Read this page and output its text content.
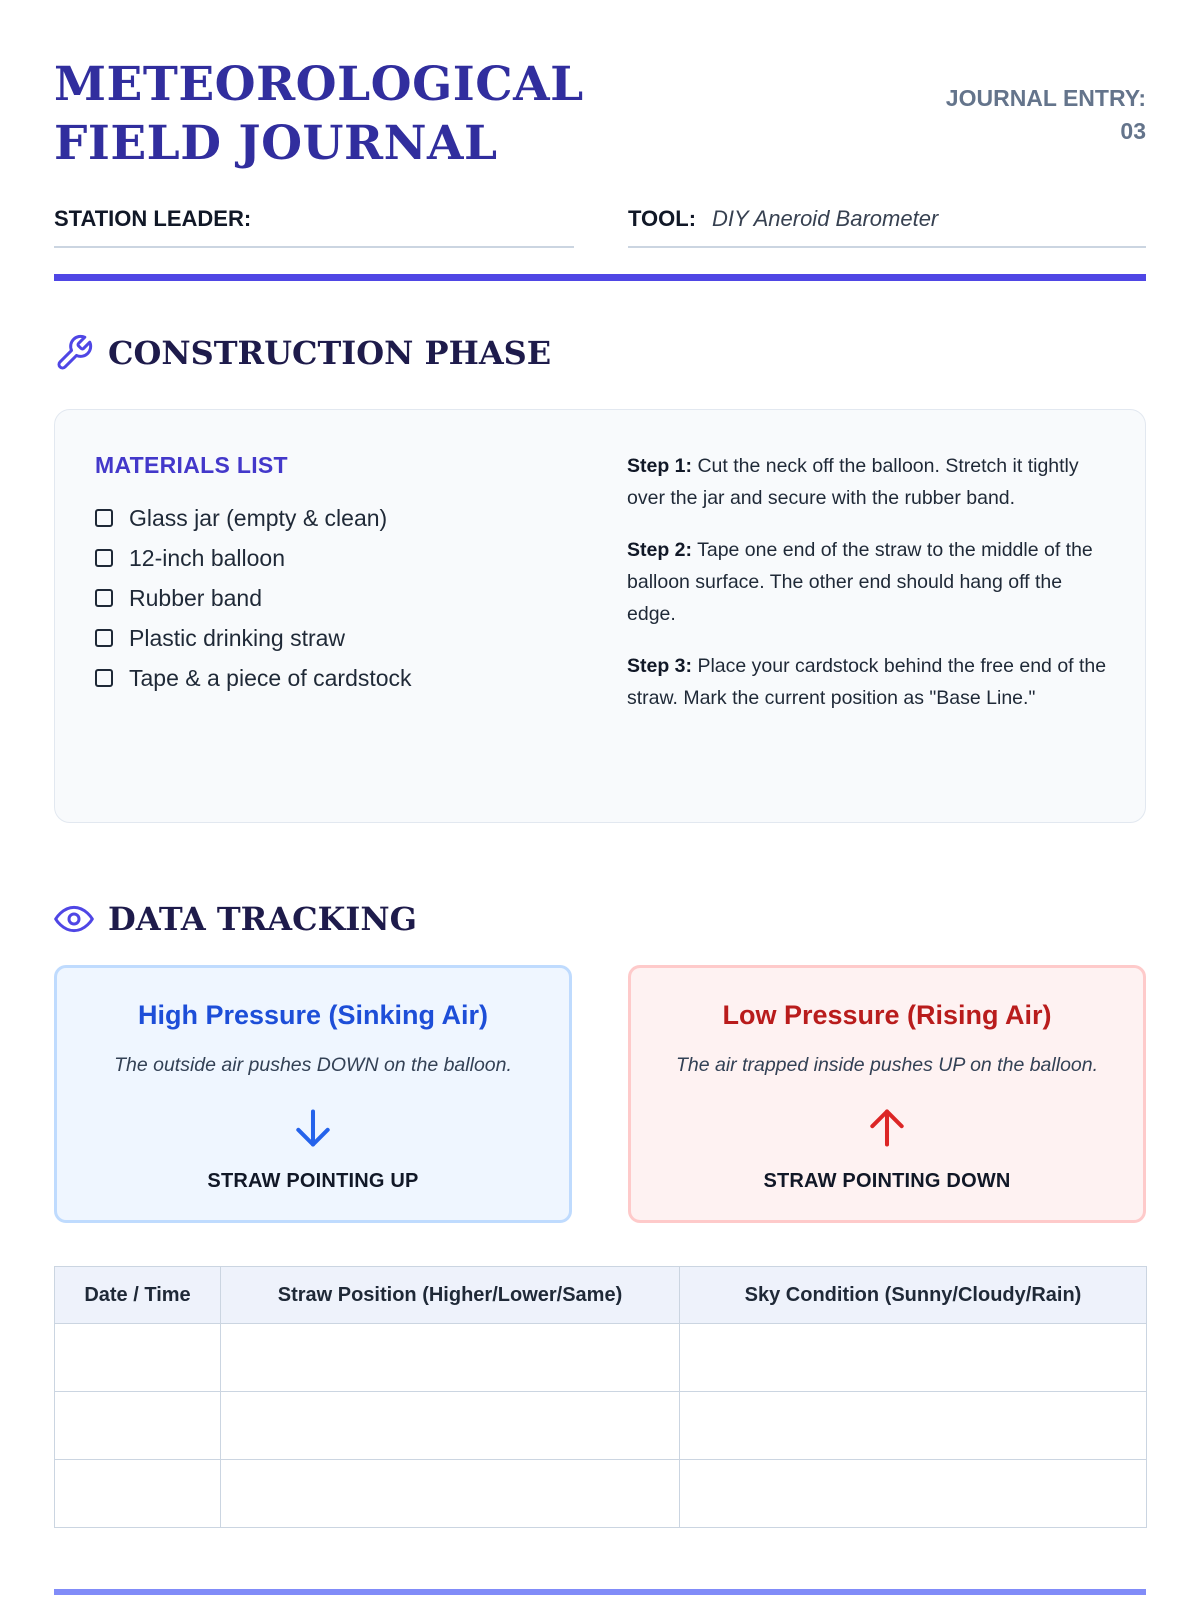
METEOROLOGICAL FIELD JOURNAL
JOURNAL ENTRY:
03
STATION LEADER:	TOOL: DIY Aneroid Barometer
CONSTRUCTION PHASE
MATERIALS LIST
Glass jar (empty & clean)
12-inch balloon
Rubber band
Plastic drinking straw
Tape & a piece of cardstock

Step 1: Cut the neck off the balloon. Stretch it tightly over the jar and secure with the rubber band.

Step 2: Tape one end of the straw to the middle of the balloon surface. The other end should hang off the edge.

Step 3: Place your cardstock behind the free end of the straw. Mark the current position as "Base Line."

DATA TRACKING
High Pressure (Sinking Air)
The outside air pushes DOWN on the balloon.
STRAW POINTING UP
Low Pressure (Rising Air)
The air trapped inside pushes UP on the balloon.
STRAW POINTING DOWN
Date / Time	Straw Position (Higher/Lower/Same)	Sky Condition (Sunny/Cloudy/Rain)
